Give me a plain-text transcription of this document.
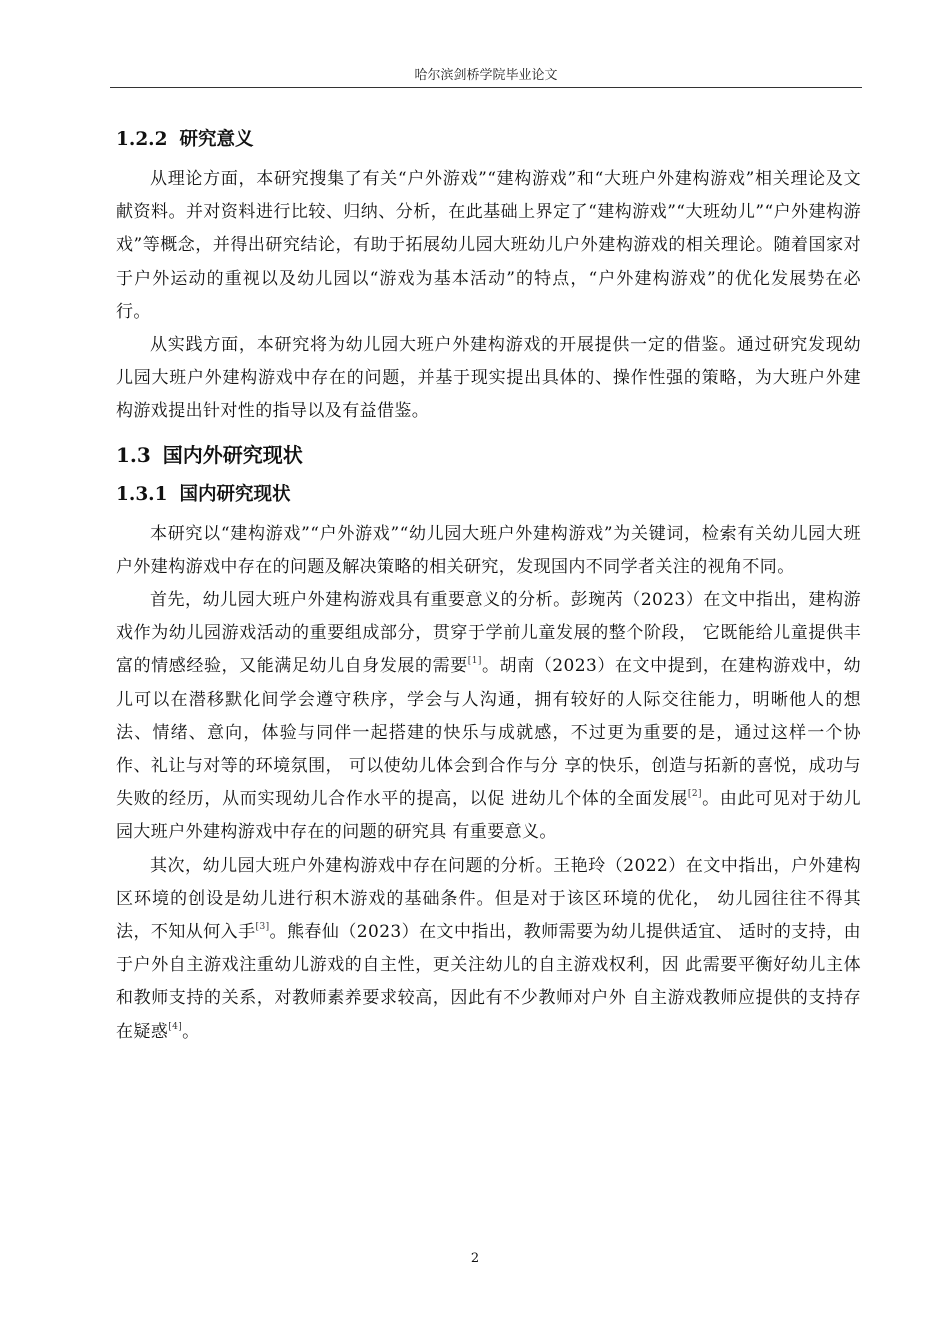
哈尔滨剑桥学院毕业论文
1.2.2 研究意义

从理论方面，本研究搜集了有关“户外游戏”“建构游戏”和“大班户外建构游戏”相关理论及文献资料。并对资料进行比较、归纳、分析，在此基础上界定了“建构游戏”“大班幼儿”“户外建构游戏”等概念，并得出研究结论，有助于拓展幼儿园大班幼儿户外建构游戏的相关理论。随着国家对于户外运动的重视以及幼儿园以“游戏为基本活动”的特点，“户外建构游戏”的优化发展势在必行。

从实践方面，本研究将为幼儿园大班户外建构游戏的开展提供一定的借鉴。通过研究发现幼儿园大班户外建构游戏中存在的问题，并基于现实提出具体的、操作性强的策略，为大班户外建构游戏提出针对性的指导以及有益借鉴。

1.3 国内外研究现状
1.3.1 国内研究现状

本研究以“建构游戏”“户外游戏”“幼儿园大班户外建构游戏”为关键词，检索有关幼儿园大班户外建构游戏中存在的问题及解决策略的相关研究，发现国内不同学者关注的视角不同。

首先，幼儿园大班户外建构游戏具有重要意义的分析。彭琬芮（2023）在文中指出，建构游戏作为幼儿园游戏活动的重要组成部分，贯穿于学前儿童发展的整个阶段， 它既能给儿童提供丰富的情感经验，又能满足幼儿自身发展的需要[1]。胡南（2023）在文中提到，在建构游戏中，幼儿可以在潜移默化间学会遵守秩序，学会与人沟通，拥有较好的人际交往能力，明晰他人的想法、情绪、意向，体验与同伴一起搭建的快乐与成就感，不过更为重要的是，通过这样一个协作、礼让与对等的环境氛围， 可以使幼儿体会到合作与分 享的快乐，创造与拓新的喜悦，成功与失败的经历，从而实现幼儿合作水平的提高，以促 进幼儿个体的全面发展[2]。由此可见对于幼儿园大班户外建构游戏中存在的问题的研究具 有重要意义。

其次，幼儿园大班户外建构游戏中存在问题的分析。王艳玲（2022）在文中指出，户外建构区环境的创设是幼儿进行积木游戏的基础条件。但是对于该区环境的优化， 幼儿园往往不得其法，不知从何入手[3]。熊春仙（2023）在文中指出，教师需要为幼儿提供适宜、 适时的支持，由于户外自主游戏注重幼儿游戏的自主性，更关注幼儿的自主游戏权利，因 此需要平衡好幼儿主体和教师支持的关系，对教师素养要求较高，因此有不少教师对户外 自主游戏教师应提供的支持存在疑惑[4]。

2
